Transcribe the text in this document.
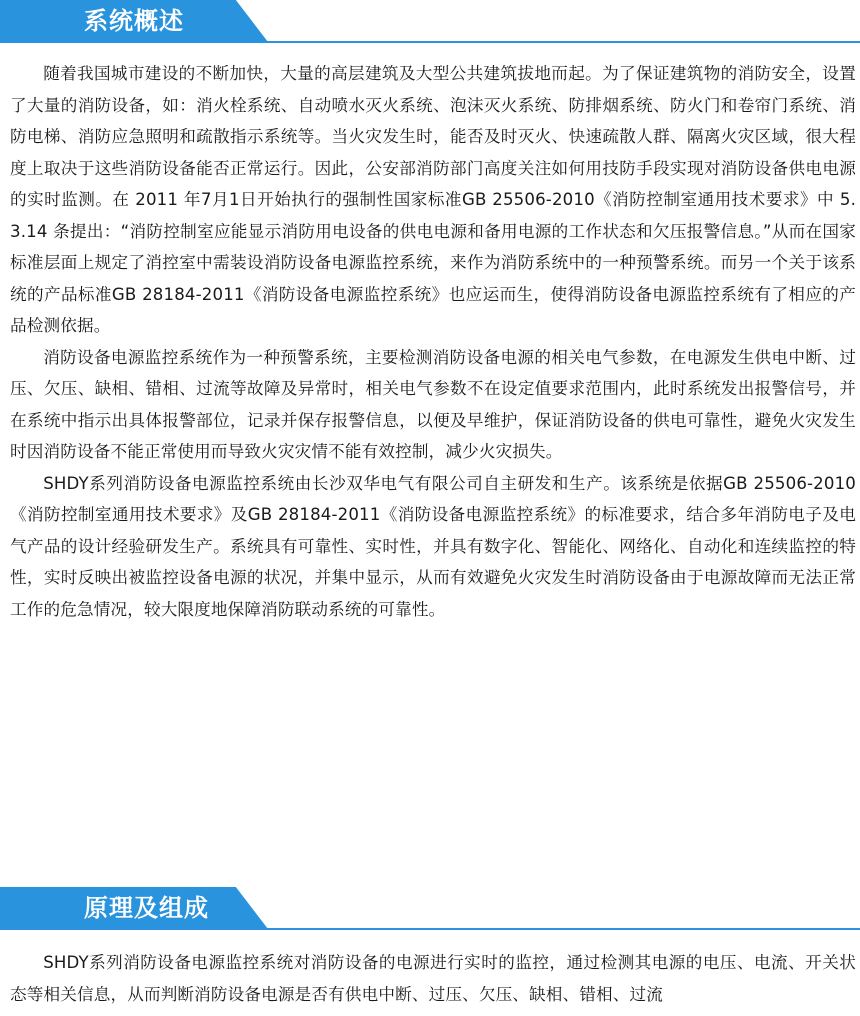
系统概述

随着我国城市建设的不断加快，大量的高层建筑及大型公共建筑拔地而起。为了保证建筑物的消防安全，设置了大量的消防设备，如：消火栓系统、自动喷水灭火系统、泡沫灭火系统、防排烟系统、防火门和卷帘门系统、消防电梯、消防应急照明和疏散指示系统等。当火灾发生时，能否及时灭火、快速疏散人群、隔离火灾区域，很大程度上取决于这些消防设备能否正常运行。因此，公安部消防部门高度关注如何用技防手段实现对消防设备供电电源的实时监测。在 2011 年7月1日开始执行的强制性国家标准GB 25506-2010《消防控制室通用技术要求》中 5.3.14 条提出：“消防控制室应能显示消防用电设备的供电电源和备用电源的工作状态和欠压报警信息。”从而在国家标准层面上规定了消控室中需装设消防设备电源监控系统，来作为消防系统中的一种预警系统。而另一个关于该系统的产品标准GB 28184-2011《消防设备电源监控系统》也应运而生，使得消防设备电源监控系统有了相应的产品检测依据。

消防设备电源监控系统作为一种预警系统，主要检测消防设备电源的相关电气参数，在电源发生供电中断、过压、欠压、缺相、错相、过流等故障及异常时，相关电气参数不在设定值要求范围内，此时系统发出报警信号，并在系统中指示出具体报警部位，记录并保存报警信息，以便及早维护，保证消防设备的供电可靠性，避免火灾发生时因消防设备不能正常使用而导致火灾灾情不能有效控制，减少火灾损失。

SHDY系列消防设备电源监控系统由长沙双华电气有限公司自主研发和生产。该系统是依据GB 25506-2010《消防控制室通用技术要求》及GB 28184-2011《消防设备电源监控系统》的标准要求，结合多年消防电子及电气产品的设计经验研发生产。系统具有可靠性、实时性，并具有数字化、智能化、网络化、自动化和连续监控的特性，实时反映出被监控设备电源的状况，并集中显示，从而有效避免火灾发生时消防设备由于电源故障而无法正常工作的危急情况，较大限度地保障消防联动系统的可靠性。

原理及组成

SHDY系列消防设备电源监控系统对消防设备的电源进行实时的监控，通过检测其电源的电压、电流、开关状态等相关信息，从而判断消防设备电源是否有供电中断、过压、欠压、缺相、错相、过流
